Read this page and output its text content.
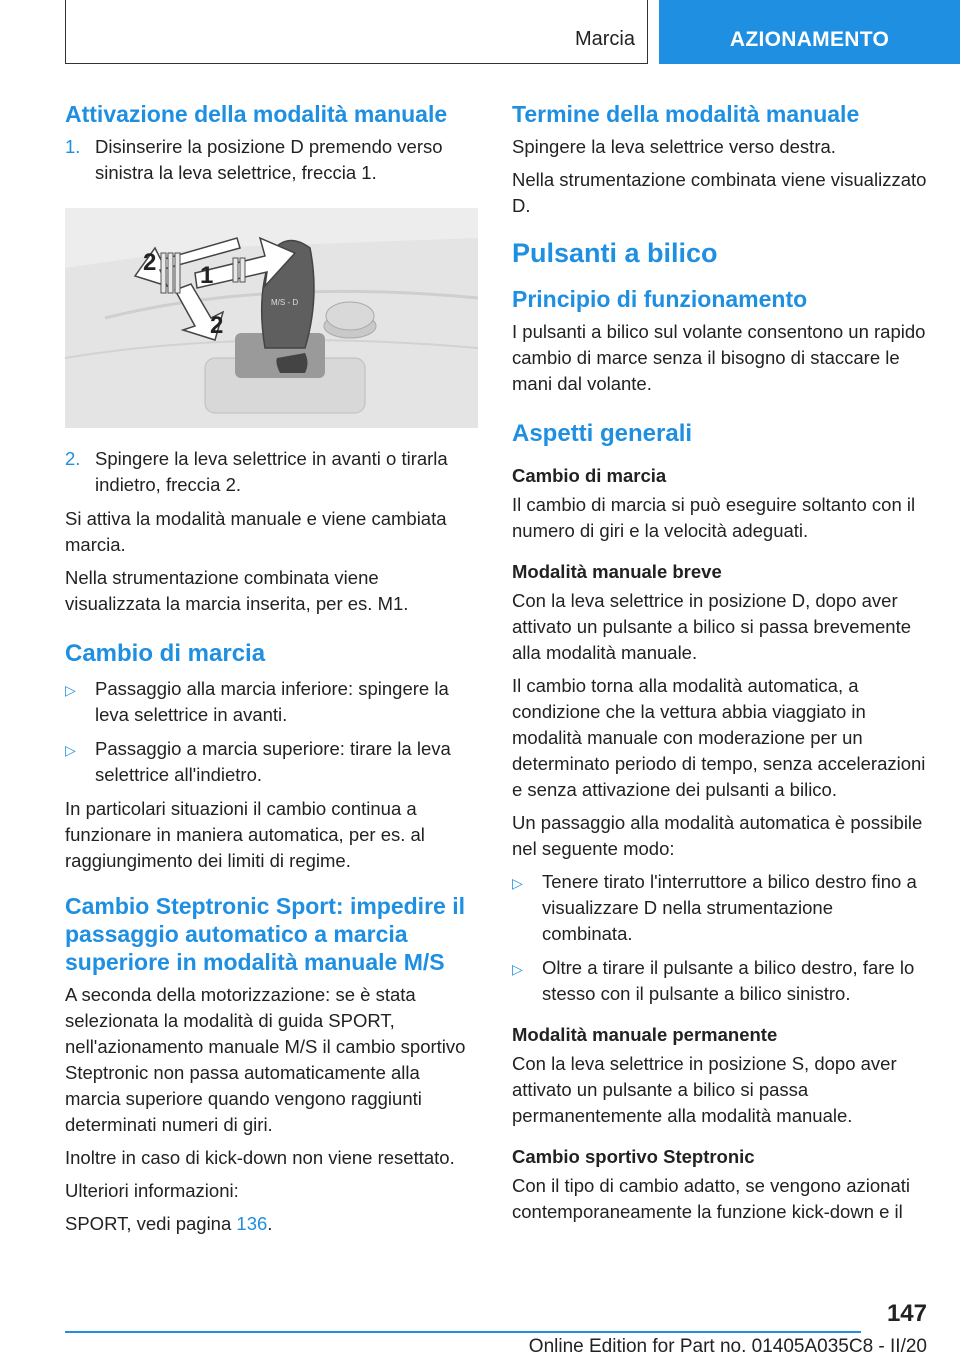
Marcia	AZIONAMENTO
Attivazione della modalità manuale
1. Disinserire la posizione D premendo verso sinistra la leva selettrice, freccia 1.
M/S - D
2 1
2
2. Spingere la leva selettrice in avanti o tirarla indietro, freccia 2.

Si attiva la modalità manuale e viene cambiata marcia.

Nella strumentazione combinata viene visualizzata la marcia inserita, per es. M1.

Cambio di marcia
▷ Passaggio alla marcia inferiore: spingere la leva selettrice in avanti.
▷ Passaggio a marcia superiore: tirare la leva selettrice all'indietro.

In particolari situazioni il cambio continua a funzionare in maniera automatica, per es. al raggiungimento dei limiti di regime.

Cambio Steptronic Sport: impedire il passaggio automatico a marcia superiore in modalità manuale M/S

A seconda della motorizzazione: se è stata selezionata la modalità di guida SPORT, nell'azionamento manuale M/S il cambio sportivo Steptronic non passa automaticamente alla marcia superiore quando vengono raggiunti determinati numeri di giri.

Inoltre in caso di kick-down non viene resettato.

Ulteriori informazioni:

SPORT, vedi pagina 136.

Termine della modalità manuale

Spingere la leva selettrice verso destra.

Nella strumentazione combinata viene visualizzato D.

Pulsanti a bilico
Principio di funzionamento

I pulsanti a bilico sul volante consentono un rapido cambio di marce senza il bisogno di staccare le mani dal volante.

Aspetti generali
Cambio di marcia

Il cambio di marcia si può eseguire soltanto con il numero di giri e la velocità adeguati.

Modalità manuale breve

Con la leva selettrice in posizione D, dopo aver attivato un pulsante a bilico si passa brevemente alla modalità manuale.

Il cambio torna alla modalità automatica, a condizione che la vettura abbia viaggiato in modalità manuale con moderazione per un determinato periodo di tempo, senza accelerazioni e senza attivazione dei pulsanti a bilico.

Un passaggio alla modalità automatica è possibile nel seguente modo:

▷ Tenere tirato l'interruttore a bilico destro fino a visualizzare D nella strumentazione combinata.
▷ Oltre a tirare il pulsante a bilico destro, fare lo stesso con il pulsante a bilico sinistro.
Modalità manuale permanente

Con la leva selettrice in posizione S, dopo aver attivato un pulsante a bilico si passa permanentemente alla modalità manuale.

Cambio sportivo Steptronic

Con il tipo di cambio adatto, se vengono azionati contemporaneamente la funzione kick-down e il

147
Online Edition for Part no. 01405A035C8 - II/20
